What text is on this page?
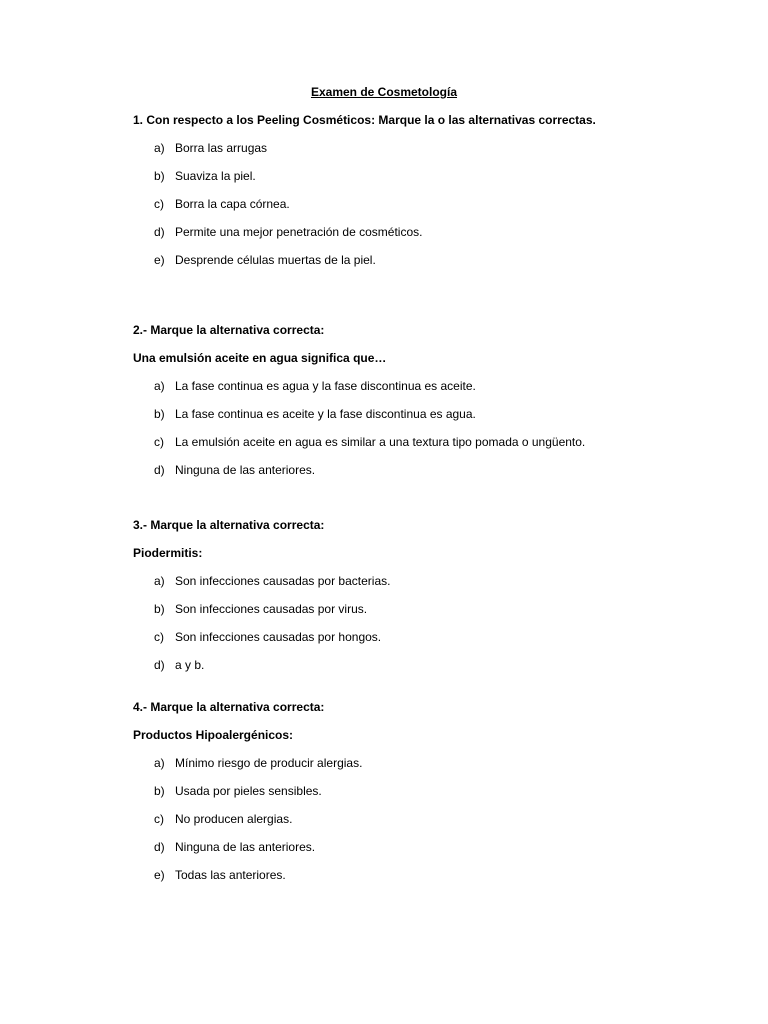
Examen de Cosmetología
1. Con respecto a los Peeling Cosméticos: Marque la o las alternativas correctas.
a) Borra las arrugas
b) Suaviza la piel.
c) Borra la capa córnea.
d) Permite una mejor penetración de cosméticos.
e) Desprende células muertas de la piel.
2.- Marque la alternativa correcta:
Una emulsión aceite en agua significa que…
a) La fase continua es agua y la fase discontinua es aceite.
b) La fase continua es aceite y la fase discontinua es agua.
c) La emulsión aceite en agua es similar a una textura tipo pomada o ungüento.
d) Ninguna de las anteriores.
3.- Marque la alternativa correcta:
Piodermitis:
a) Son infecciones causadas por bacterias.
b) Son infecciones causadas por virus.
c) Son infecciones causadas por hongos.
d) a y b.
4.- Marque la alternativa correcta:
Productos Hipoalergénicos:
a) Mínimo riesgo de producir alergias.
b) Usada por pieles sensibles.
c) No producen alergias.
d) Ninguna de las anteriores.
e) Todas las anteriores.
